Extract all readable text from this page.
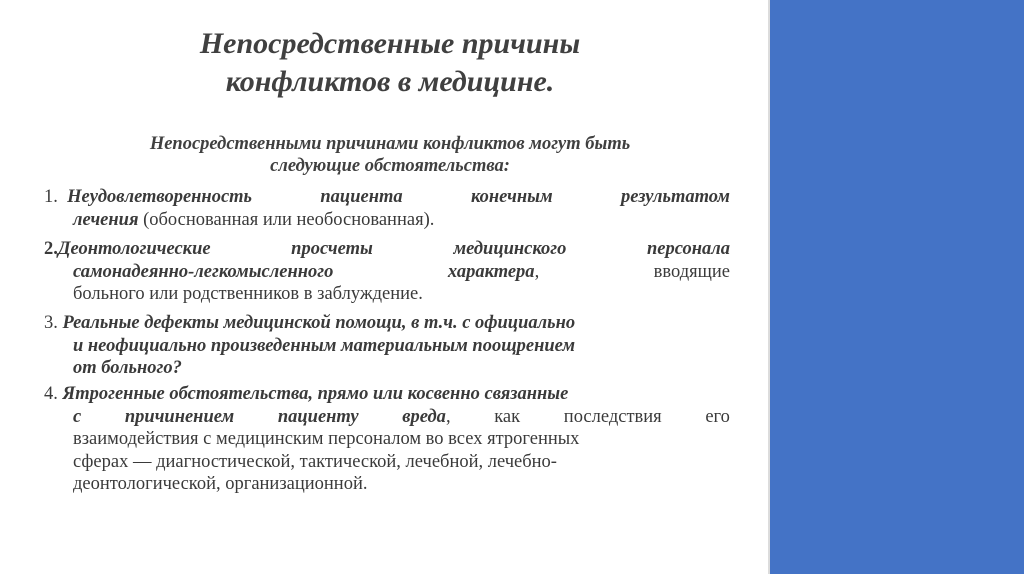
Непосредственные причины
конфликтов в медицине.

Непосредственными причинами конфликтов могут быть
следующие обстоятельства:

1. Неудовлетворенность	пациента	конечным	результатом
лечения (обоснованная или необоснованная).
2.Деонтологические	просчеты	медицинского	персонала
самонадеянно-легкомысленного	характера,	вводящие
больного или родственников в заблуждение.
3. Реальные дефекты медицинской помощи, в т.ч. с официально
и неофициально произведенным материальным поощрением
от больного?
4. Ятрогенные обстоятельства, прямо или косвенно связанные
с причинением пациенту вреда, как последствия его
взаимодействия с медицинским персоналом во всех ятрогенных
сферах — диагностической, тактической, лечебной, лечебно-
деонтологической, организационной.
